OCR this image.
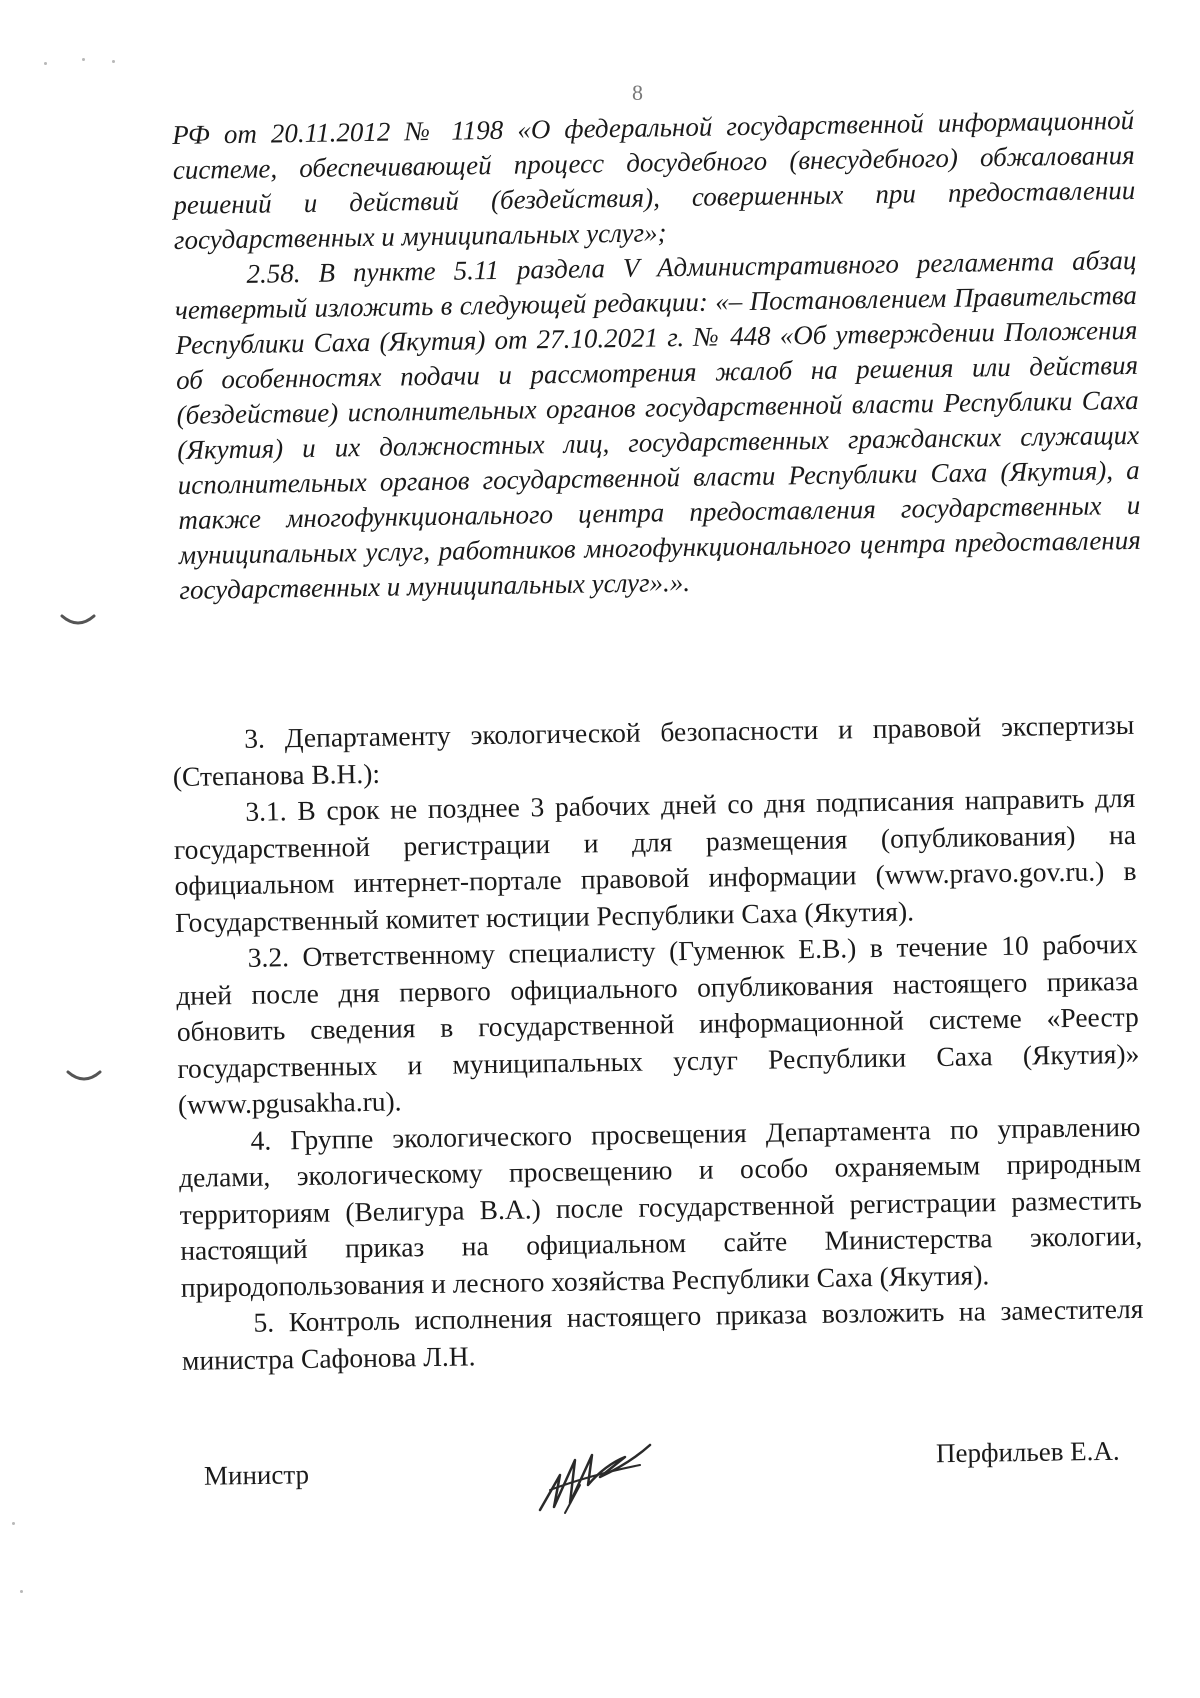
8

РФ от 20.11.2012 № 1198 «О федеральной государственной информационной системе, обеспечивающей процесс досудебного (внесудебного) обжалования решений и действий (бездействия), совершенных при предоставлении государственных и муниципальных услуг»;

2.58. В пункте 5.11 раздела V Административного регламента абзац четвертый изложить в следующей редакции: «– Постановлением Правительства Республики Саха (Якутия) от 27.10.2021 г. № 448 «Об утверждении Положения об особенностях подачи и рассмотрения жалоб на решения или действия (бездействие) исполнительных органов государственной власти Республики Саха (Якутия) и их должностных лиц, государственных гражданских служащих исполнительных органов государственной власти Республики Саха (Якутия), а также многофункционального центра предоставления государственных и муниципальных услуг, работников многофункционального центра предоставления государственных и муниципальных услуг».».

3. Департаменту экологической безопасности и правовой экспертизы (Степанова В.Н.):

3.1. В срок не позднее 3 рабочих дней со дня подписания направить для государственной регистрации и для размещения (опубликования) на официальном интернет-портале правовой информации (www.pravo.gov.ru.) в Государственный комитет юстиции Республики Саха (Якутия).

3.2. Ответственному специалисту (Гуменюк Е.В.) в течение 10 рабочих дней после дня первого официального опубликования настоящего приказа обновить сведения в государственной информационной системе «Реестр государственных и муниципальных услуг Республики Саха (Якутия)» (www.pgusakha.ru).

4. Группе экологического просвещения Департамента по управлению делами, экологическому просвещению и особо охраняемым природным территориям (Велигура В.А.) после государственной регистрации разместить настоящий приказ на официальном сайте Министерства экологии, природопользования и лесного хозяйства Республики Саха (Якутия).

5. Контроль исполнения настоящего приказа возложить на заместителя министра Сафонова Л.Н.

Министр
Перфильев Е.А.
